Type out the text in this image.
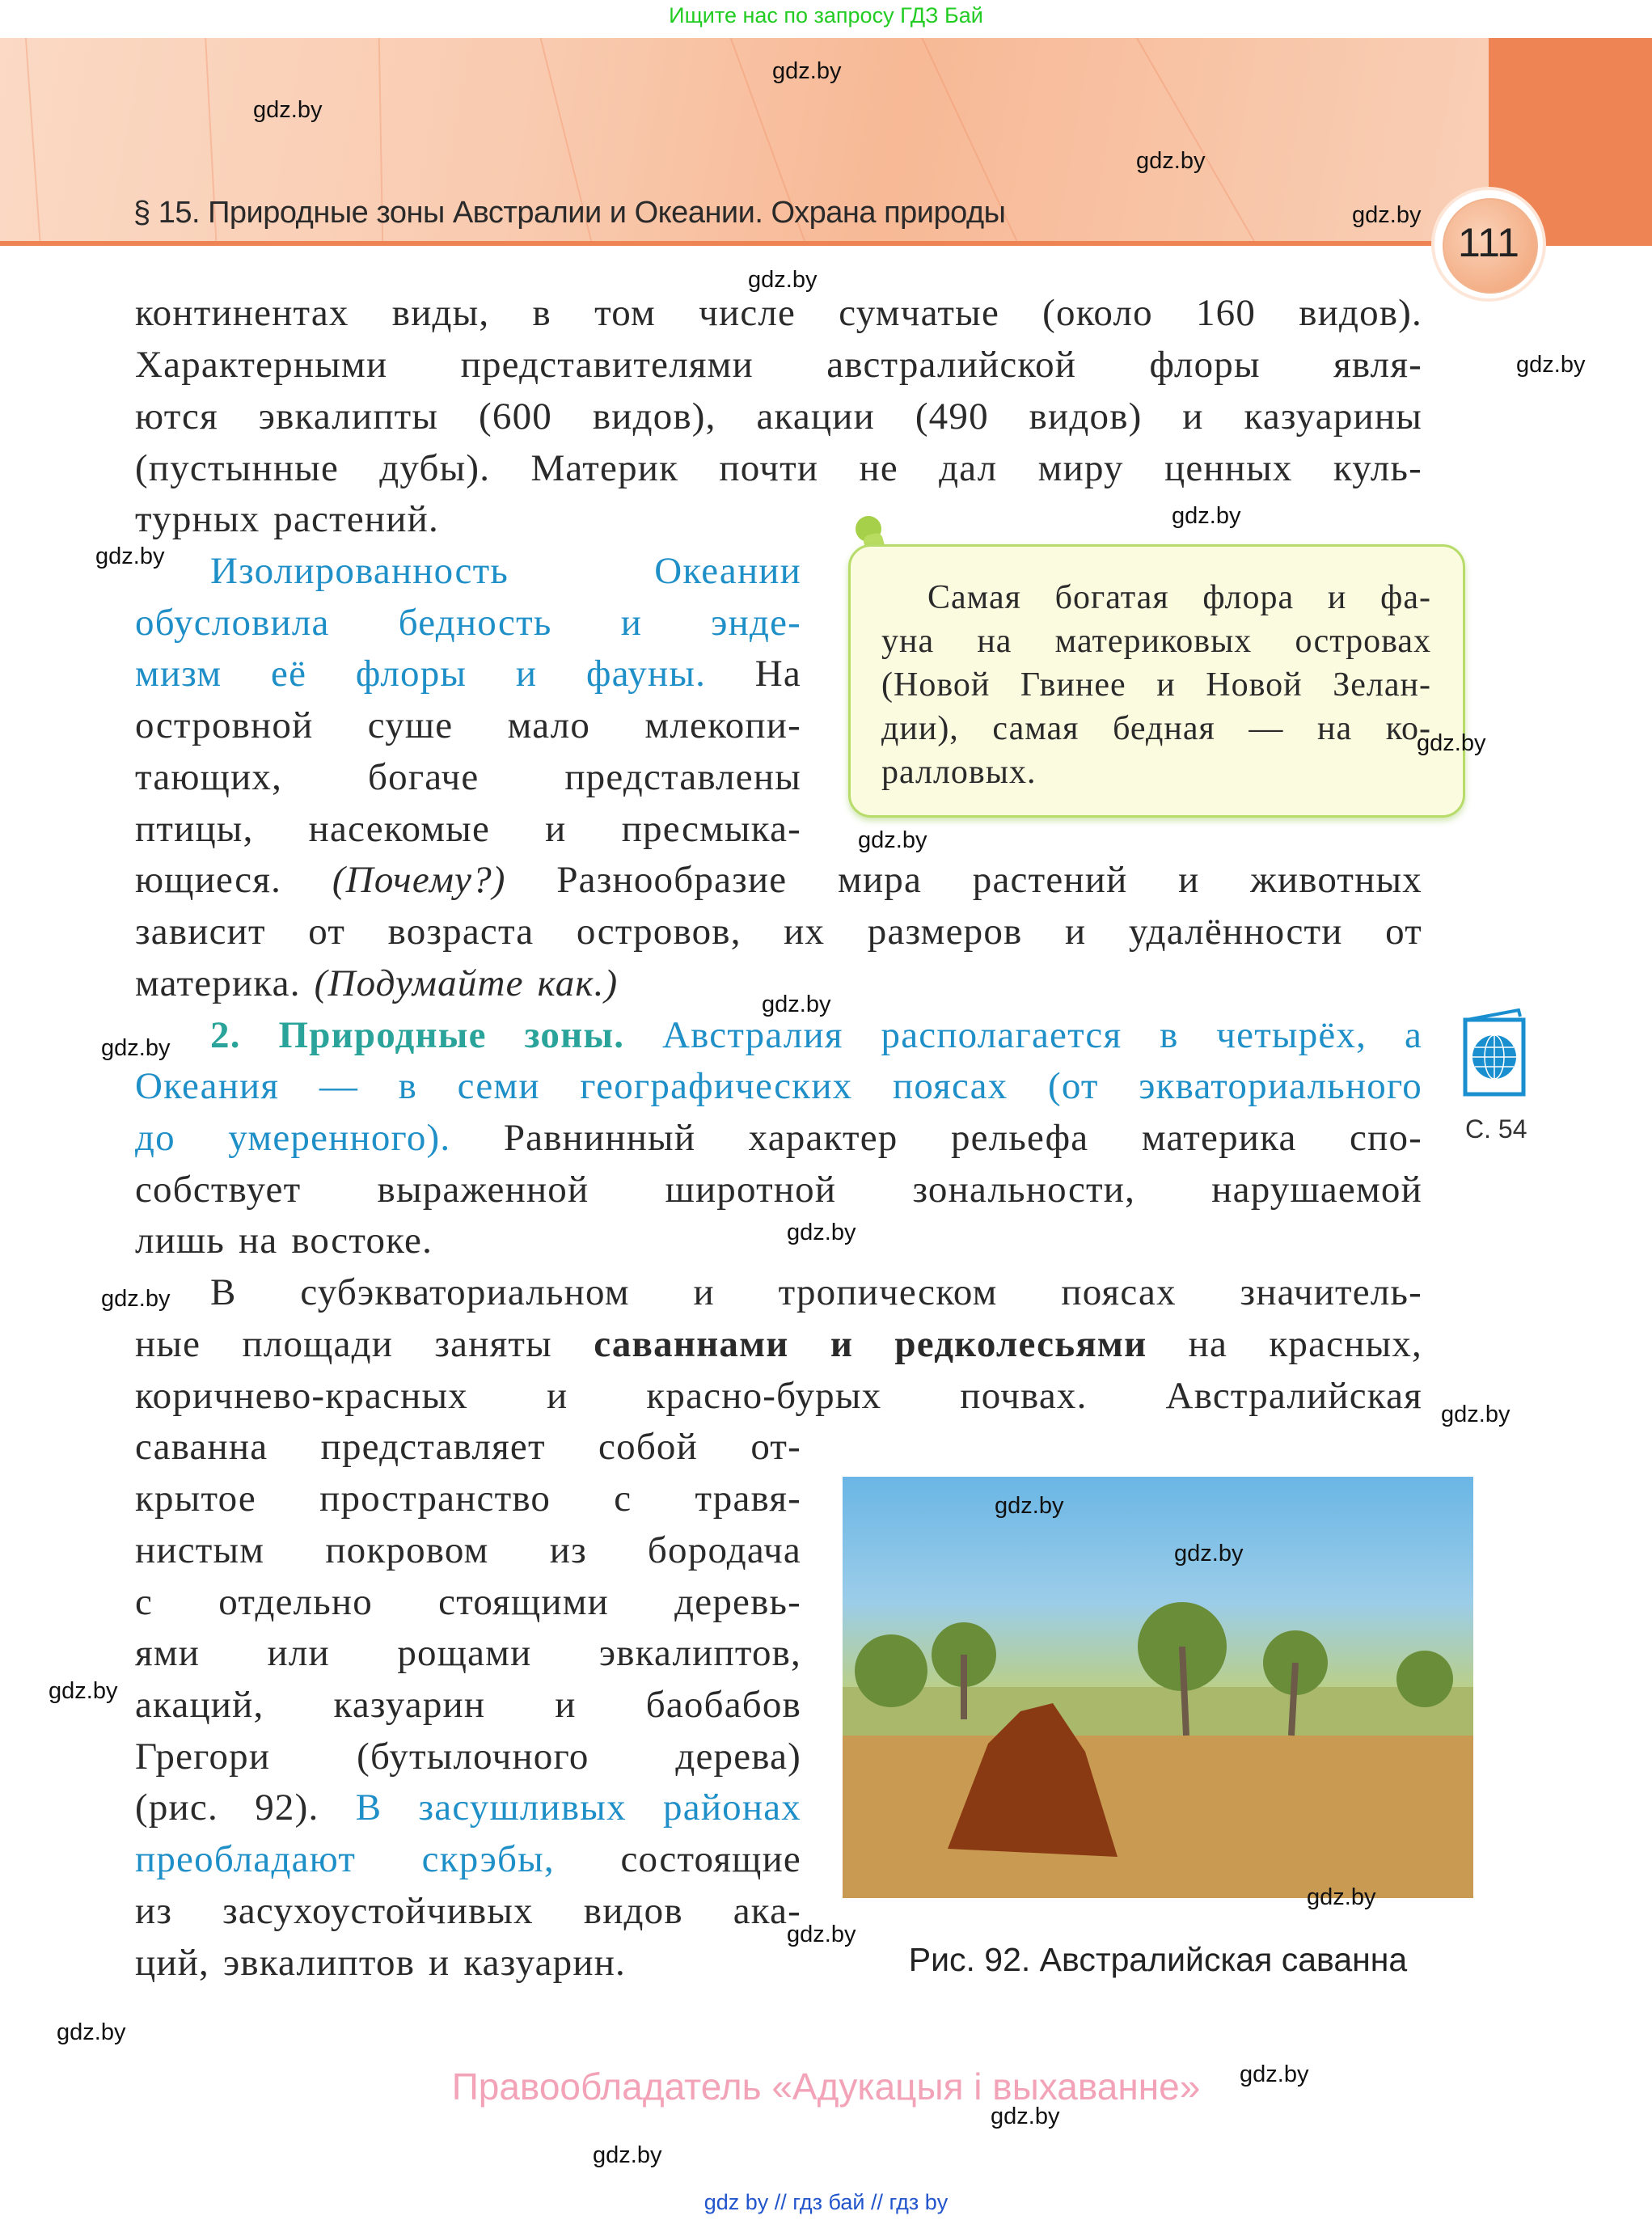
Ищите нас по запросу ГДЗ Бай
§ 15. Природные зоны Австралии и Океании. Охрана природы
111
континентах виды, в том числе сумчатые (около 160 видов).
Характерными представителями австралийской флоры явля-
ются эвкалипты (600 видов), акации (490 видов) и казуарины
(пустынные дубы). Материк почти не дал миру ценных куль-
турных растений.
Изолированность Океании
обусловила бедность и энде-
мизм её флоры и фауны. На
островной суше мало млекопи-
тающих, богаче представлены
птицы, насекомые и пресмыка-
ющиеся. (Почему?) Разнообразие мира растений и животных
зависит от возраста островов, их размеров и удалённости от
материка. (Подумайте как.)
2. Природные зоны. Австралия располагается в четырёх, а
Океания — в семи географических поясах (от экваториального
до умеренного). Равнинный характер рельефа материка спо-
собствует выраженной широтной зональности, нарушаемой
лишь на востоке.
В субэкваториальном и тропическом поясах значитель-
ные площади заняты саваннами и редколесьями на красных,
коричнево-красных и красно-бурых почвах. Австралийская
саванна представляет собой от-
крытое пространство с травя-
нистым покровом из бородача
с отдельно стоящими деревь-
ями или рощами эвкалиптов,
акаций, казуарин и баобабов
Грегори (бутылочного дерева)
(рис. 92). В засушливых районах
преобладают скрэбы, состоящие
из засухоустойчивых видов ака-
ций, эвкалиптов и казуарин.
Самая богатая флора и фа-
уна на материковых островах
(Новой Гвинее и Новой Зелан-
дии), самая бедная — на ко-
ралловых.
С. 54
Рис. 92. Австралийская саванна
Правообладатель «Адукацыя і выхаванне»
gdz by // гдз бай // гдз by
gdz.by
gdz.by
gdz.by
gdz.by
gdz.by
gdz.by
gdz.by
gdz.by
gdz.by
gdz.by
gdz.by
gdz.by
gdz.by
gdz.by
gdz.by
gdz.by
gdz.by
gdz.by
gdz.by
gdz.by
gdz.by
gdz.by
gdz.by
gdz.by
